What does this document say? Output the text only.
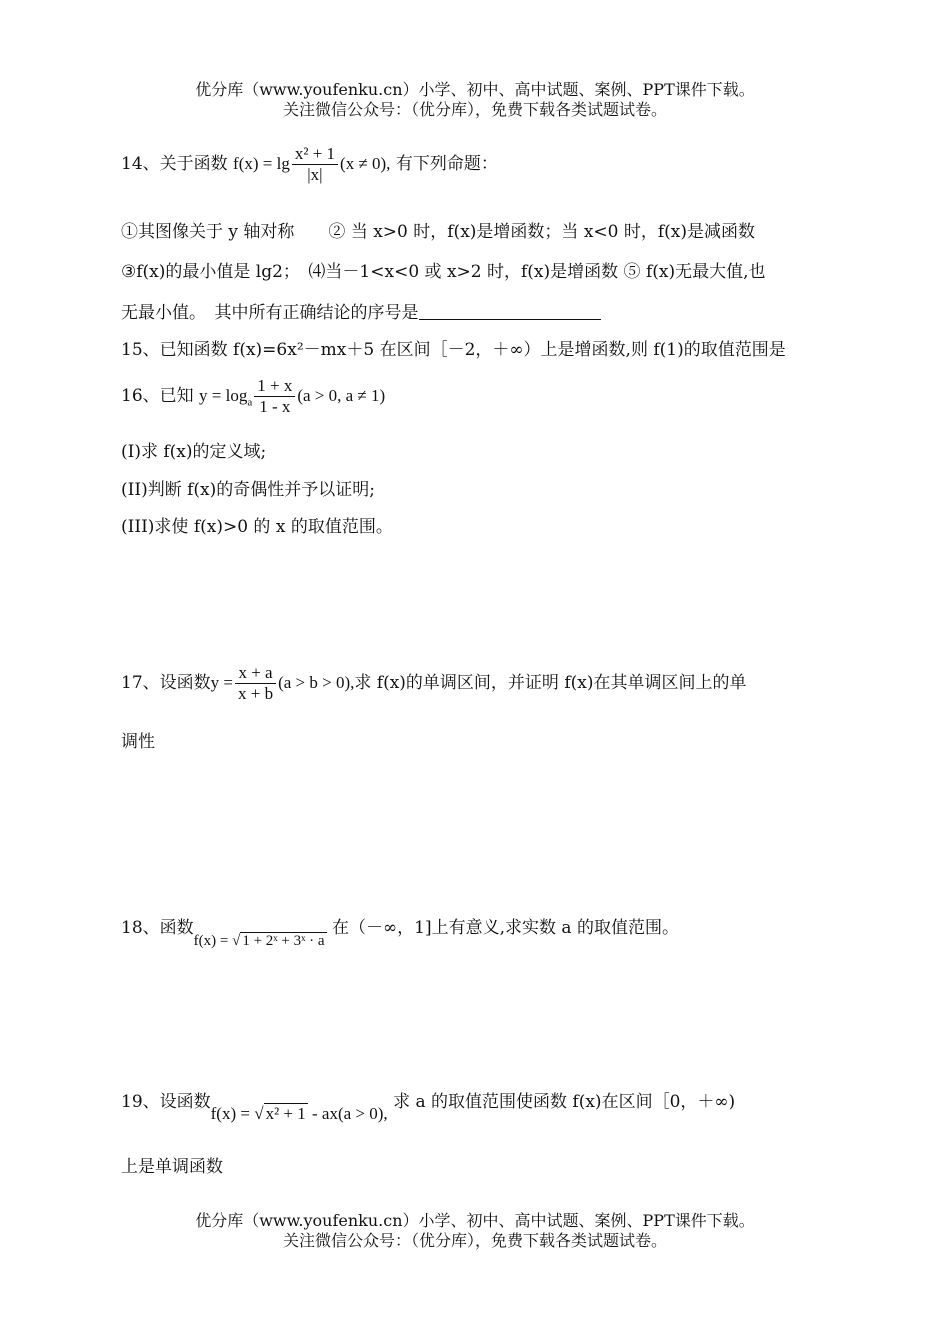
优分库（www.youfenku.cn）小学、初中、高中试题、案例、PPT课件下载。
关注微信公众号：（优分库），免费下载各类试题试卷。
14、关于函数 $f(x) = \lg \frac{\text{x² + 1}}{|x|} (x \ne 0)$, 有下列命题：
①其图像关于 y 轴对称　　② 当 x>0 时，f(x)是增函数；当 x<0 时，f(x)是减函数
③f(x)的最小值是 lg2；　⑷当－1<x<0 或 x>2 时，f(x)是增函数 ⑤ f(x)无最大值,也
无最小值。　其中所有正确结论的序号是
15、已知函数 f(x)=6x²－mx＋5 在区间［－2，＋∞）上是增函数,则 f(1)的取值范围是
16、已知 $y = \log_a \frac{1 + x}{1 - x} (a > 0$, a ≠ 1)
(I)求 f(x)的定义域;
(II)判断 f(x)的奇偶性并予以证明;
(III)求使 f(x)>0 的 x 的取值范围。
17、设函数$y = \frac{x + a}{x + b} (a > b > 0)$,求 f(x)的单调区间，并证明 f(x)在其单调区间上的单
调性
18、函数f(x) = √ 1 + 2ˣ + 3ˣ · a 在（－∞，1]上有意义,求实数 a 的取值范围。
19、设函数f(x) = √ x² + 1 - ax(a > 0), 求 a 的取值范围使函数 f(x)在区间［0，＋∞)
上是单调函数
优分库（www.youfenku.cn）小学、初中、高中试题、案例、PPT课件下载。
关注微信公众号：（优分库），免费下载各类试题试卷。
